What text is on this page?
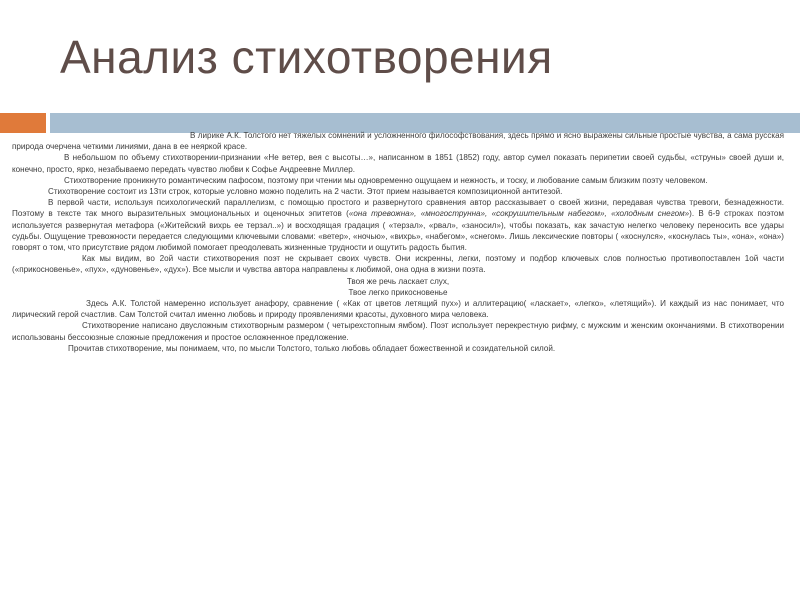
Анализ стихотворения

В лирике А.К. Толстого нет тяжелых сомнений и усложненного философствования, здесь прямо и ясно выражены сильные простые чувства, а сама русская природа очерчена четкими линиями, дана в ее неяркой красе.

В небольшом по объему стихотворении-признании «Не ветер, вея с высоты…», написанном в 1851 (1852) году, автор сумел показать перипетии своей судьбы, «струны» своей души и, конечно, просто, ярко, незабываемо передать чувство любви к Софье Андреевне Миллер.

Стихотворение проникнуто романтическим пафосом, поэтому при чтении мы одновременно ощущаем и нежность, и тоску, и любование самым близким поэту человеком.

Стихотворение состоит из 13ти строк, которые условно можно поделить на 2 части. Этот прием называется композиционной антитезой.

В первой части, используя психологический параллелизм, с помощью простого и развернутого сравнения автор рассказывает о своей жизни, передавая чувства тревоги, безнадежности. Поэтому в тексте так много выразительных эмоциональных и оценочных эпитетов («она тревожна», «многострунна», «сокрушительным набегом», «холодным снегом»). В 6-9 строках поэтом используется развернутая метафора («Житейский вихрь ее терзал..») и восходящая градация ( «терзал», «рвал», «заносил»), чтобы показать, как зачастую нелегко человеку переносить все удары судьбы. Ощущение тревожности передается следующими ключевыми словами: «ветер», «ночью», «вихрь», «набегом», «снегом». Лишь лексические повторы ( «коснулся», «коснулась ты», «она», «она») говорят о том, что присутствие рядом любимой помогает преодолевать жизненные трудности и ощутить радость бытия.

Как мы видим, во 2ой части стихотворения поэт не скрывает своих чувств. Они искренны, легки, поэтому и подбор ключевых слов полностью противопоставлен 1ой части («прикосновенье», «пух», «дуновенье», «дух»). Все мысли и чувства автора направлены к любимой, она одна в жизни поэта.

Твоя же речь ласкает слух,

Твое легко прикосновенье

Здесь А.К. Толстой намеренно использует анафору, сравнение ( «Как от цветов летящий пух») и аллитерацию( «ласкает», «легко», «летящий»). И каждый из нас понимает, что лирический герой счастлив. Сам Толстой считал именно любовь и природу проявлениями красоты, духовного мира человека.

Стихотворение написано двусложным стихотворным размером ( четырехстопным ямбом). Поэт использует перекрестную рифму, с мужским и женским окончаниями. В стихотворении использованы бессоюзные сложные предложения и простое осложненное предложение.

Прочитав стихотворение, мы понимаем, что, по мысли Толстого, только любовь обладает божественной и созидательной силой.
